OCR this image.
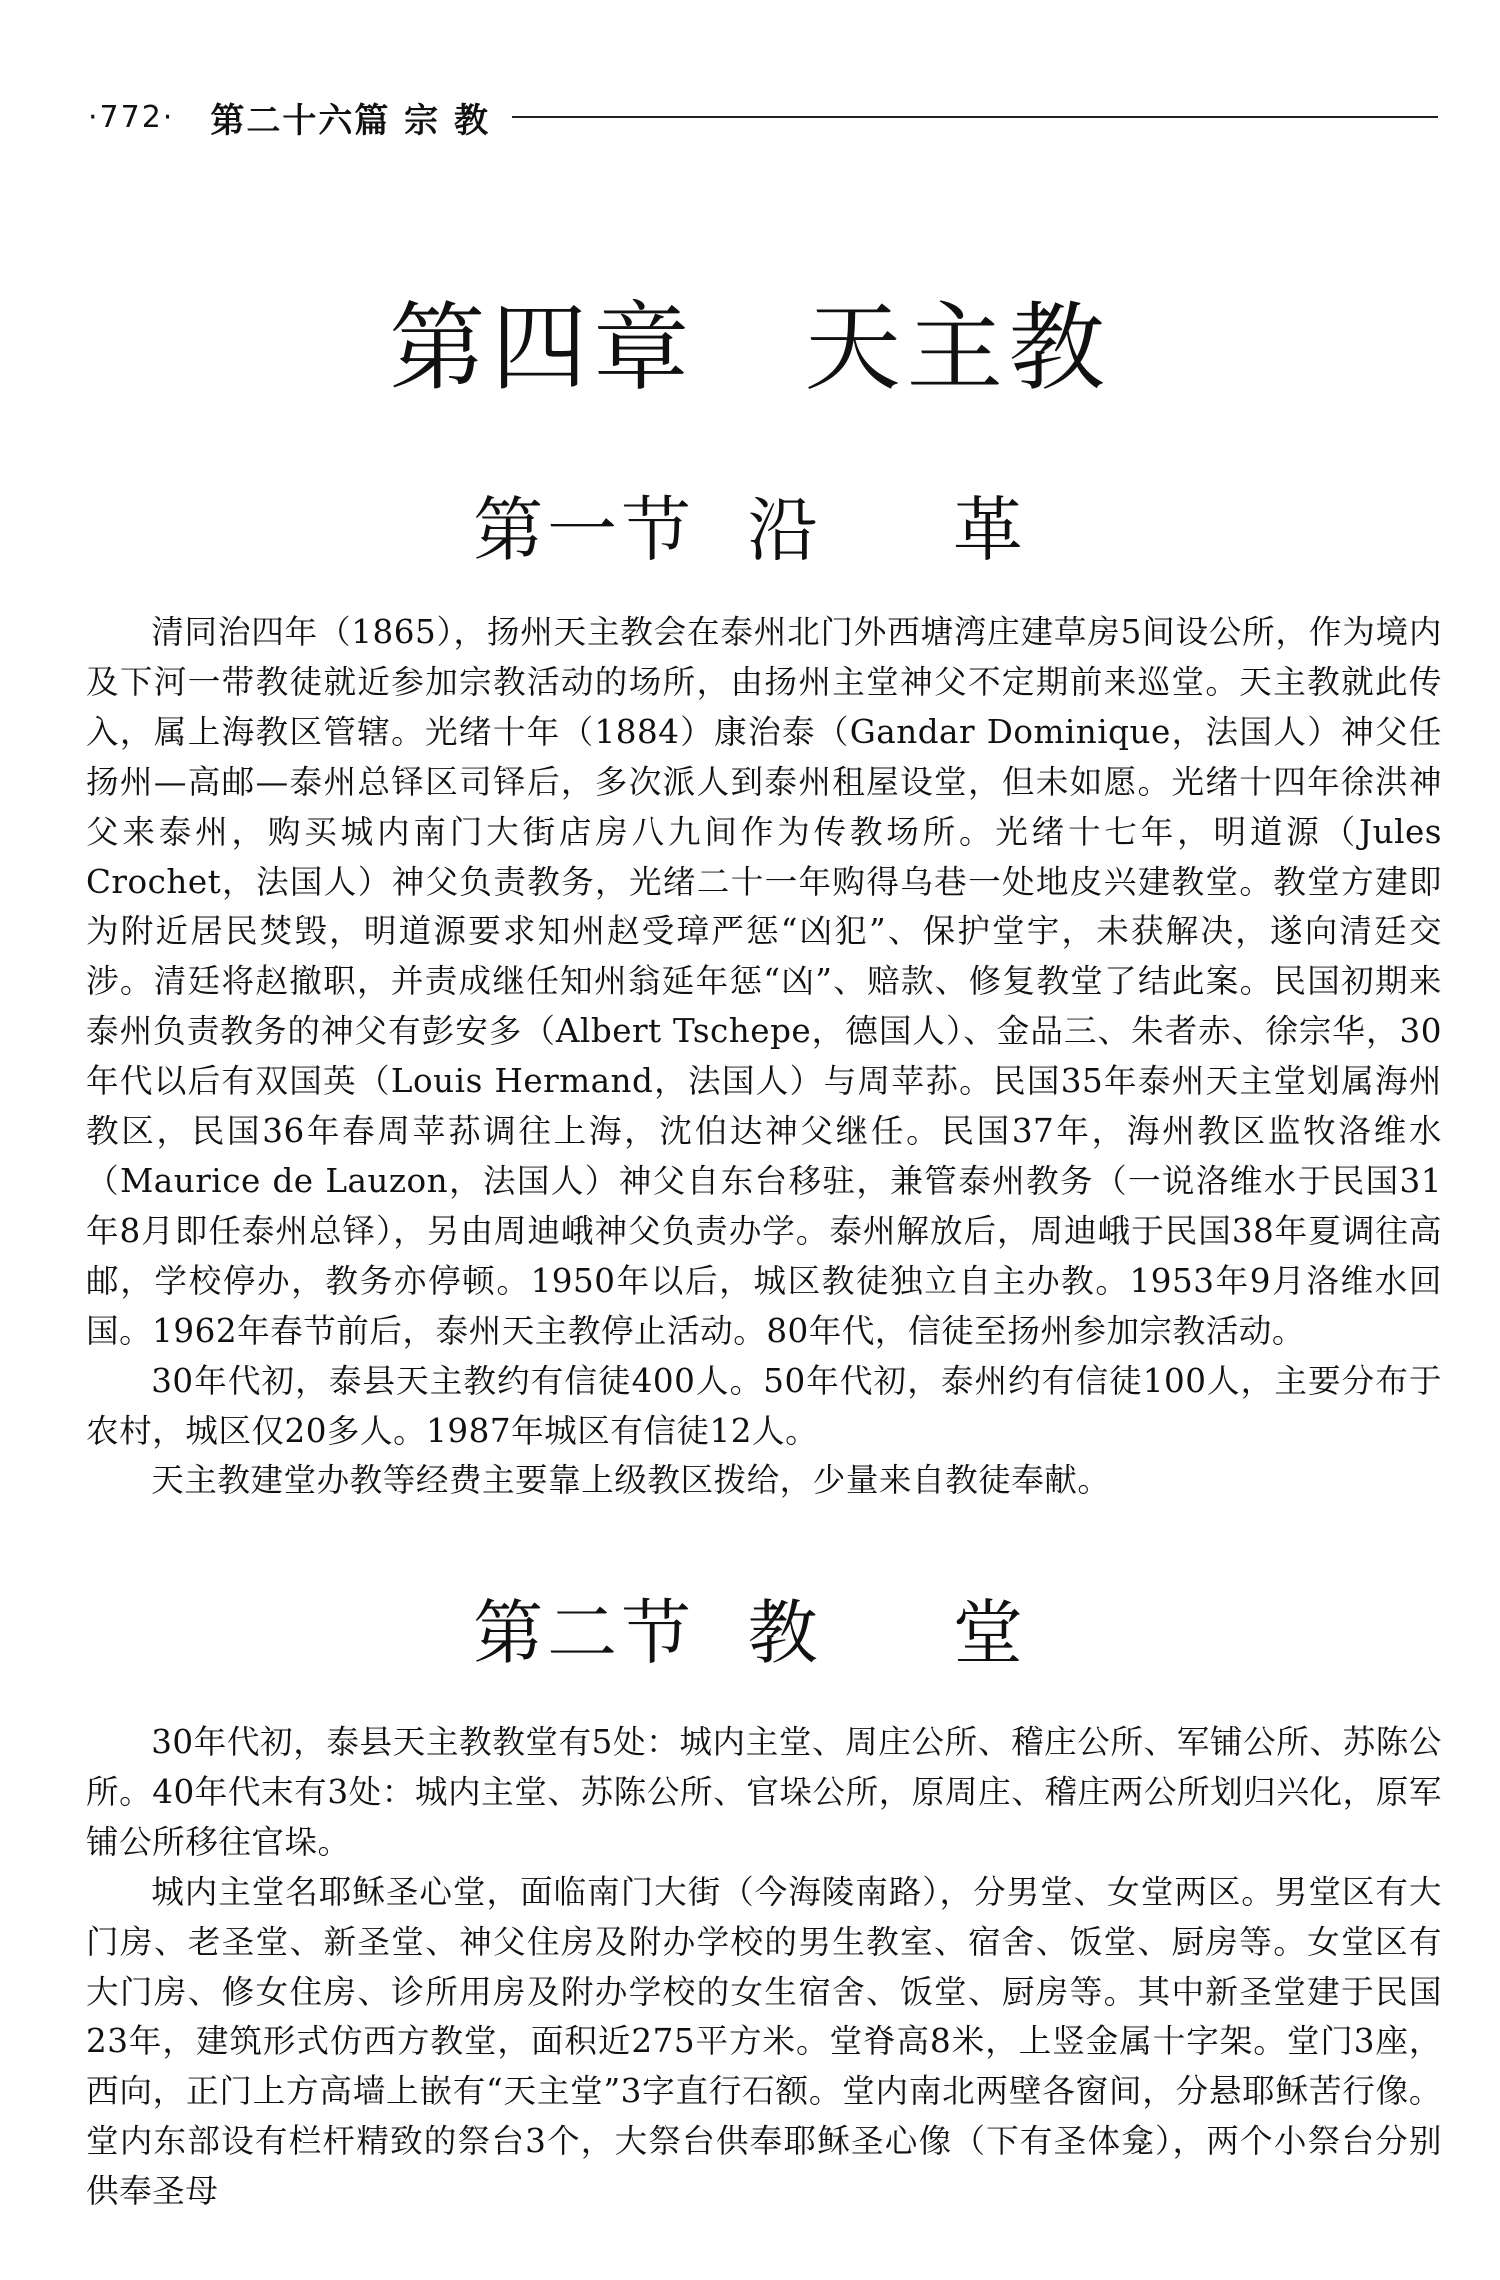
·772· 第二十六篇 宗 教
第四章   天主教
第一节  沿     革

清同治四年（1865），扬州天主教会在泰州北门外西塘湾庄建草房5间设公所，作为境内及下河一带教徒就近参加宗教活动的场所，由扬州主堂神父不定期前来巡堂。天主教就此传入，属上海教区管辖。光绪十年（1884）康治泰（Gandar Dominique，法国人）神父任扬州—高邮—泰州总铎区司铎后，多次派人到泰州租屋设堂，但未如愿。光绪十四年徐洪神父来泰州，购买城内南门大街店房八九间作为传教场所。光绪十七年，明道源（Jules Crochet，法国人）神父负责教务，光绪二十一年购得乌巷一处地皮兴建教堂。教堂方建即为附近居民焚毁，明道源要求知州赵受璋严惩“凶犯”、保护堂宇，未获解决，遂向清廷交涉。清廷将赵撤职，并责成继任知州翁延年惩“凶”、赔款、修复教堂了结此案。民国初期来泰州负责教务的神父有彭安多（Albert Tschepe，德国人）、金品三、朱者赤、徐宗华，30年代以后有双国英（Louis Hermand，法国人）与周苹荪。民国35年泰州天主堂划属海州教区，民国36年春周苹荪调往上海，沈伯达神父继任。民国37年，海州教区监牧洛维水（Maurice de Lauzon，法国人）神父自东台移驻，兼管泰州教务（一说洛维水于民国31年8月即任泰州总铎），另由周迪峨神父负责办学。泰州解放后，周迪峨于民国38年夏调往高邮，学校停办，教务亦停顿。1950年以后，城区教徒独立自主办教。1953年9月洛维水回国。1962年春节前后，泰州天主教停止活动。80年代，信徒至扬州参加宗教活动。

30年代初，泰县天主教约有信徒400人。50年代初，泰州约有信徒100人，主要分布于农村，城区仅20多人。1987年城区有信徒12人。

天主教建堂办教等经费主要靠上级教区拨给，少量来自教徒奉献。

第二节  教     堂

30年代初，泰县天主教教堂有5处：城内主堂、周庄公所、稽庄公所、军铺公所、苏陈公所。40年代末有3处：城内主堂、苏陈公所、官垛公所，原周庄、稽庄两公所划归兴化，原军铺公所移往官垛。

城内主堂名耶稣圣心堂，面临南门大街（今海陵南路），分男堂、女堂两区。男堂区有大门房、老圣堂、新圣堂、神父住房及附办学校的男生教室、宿舍、饭堂、厨房等。女堂区有大门房、修女住房、诊所用房及附办学校的女生宿舍、饭堂、厨房等。其中新圣堂建于民国23年，建筑形式仿西方教堂，面积近275平方米。堂脊高8米，上竖金属十字架。堂门3座，西向，正门上方高墙上嵌有“天主堂”3字直行石额。堂内南北两壁各窗间，分悬耶稣苦行像。堂内东部设有栏杆精致的祭台3个，大祭台供奉耶稣圣心像（下有圣体龛），两个小祭台分别供奉圣母
